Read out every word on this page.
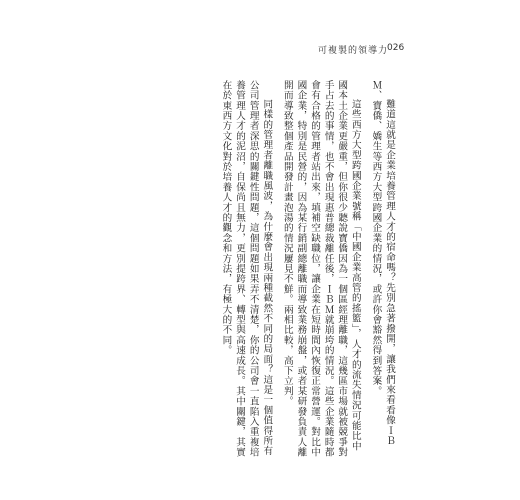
可複製的領導力
026

難道這就是企業培養管理人才的宿命嗎？先別急著撥開，讓我們來看看像ＩＢＭ、寶僑、嬌生等西方大型跨國企業的情況，或許你會豁然得到答案。

這些西方大型跨國企業號稱「中國企業高管的搖籃」，人才的流失情況可能比中國本土企業更嚴重，但你很少聽說寶僑因為一個區經理離職，這幾區市場就被競爭對手占去的事情，也不會出現惠普總裁離任後，ＩＢＭ就崩垮的情況。這些企業隨時都會有合格的管理者站出來，填補空缺職位，讓企業在短時間內恢復正常營運。對比中國企業，特別是民營的，因為某行銷副總離職而導致業務崩盤，或者某研發負責人離開而導致整個產品開發計畫泡湯的情況屢見不鮮。兩相比較，高下立判。

同樣的管理者離職風波，為什麼會出現兩種截然不同的局面？這是一個值得所有公司管理者深思的關鍵性問題，這個問題如果弄不清楚，你的公司會一直陷入重複培養管理人才的泥沼，自保尚且無力，更別提跨界、轉型與高速成長。其中關鍵，其實在於東西方文化對於培養人才的觀念和方法，有極大的不同。
